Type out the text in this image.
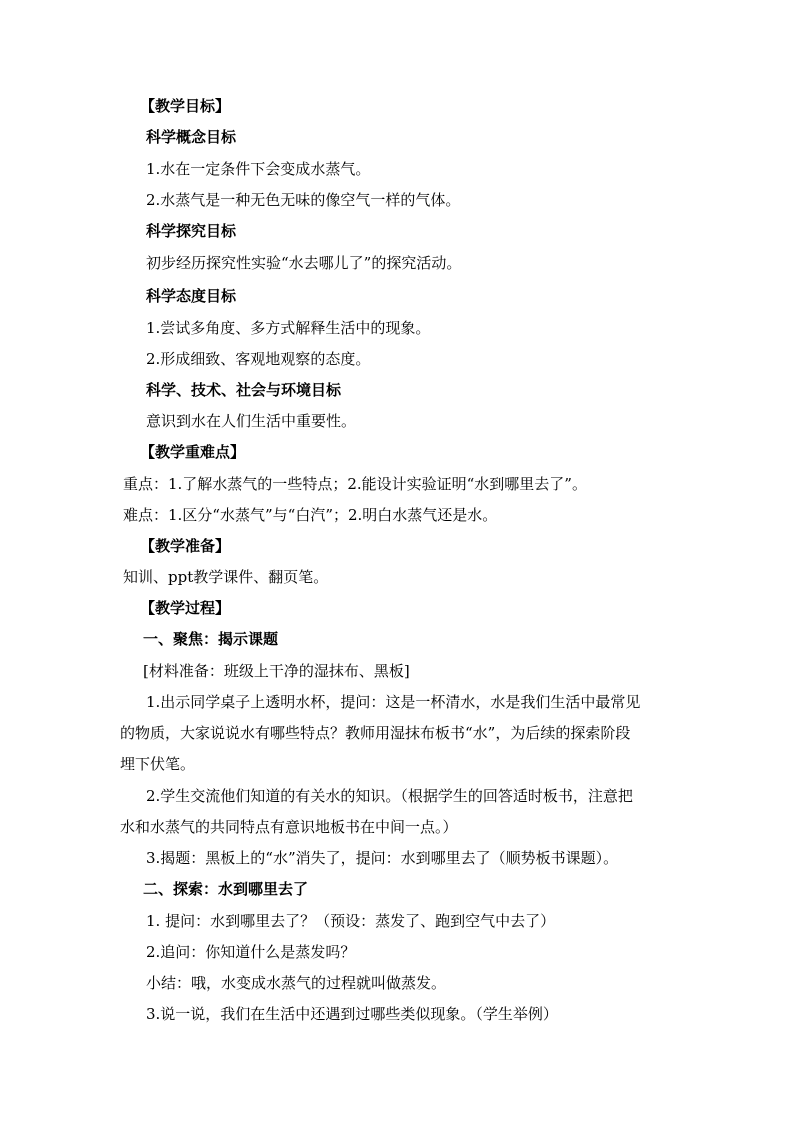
【教学目标】
科学概念目标
1.水在一定条件下会变成水蒸气。
2.水蒸气是一种无色无味的像空气一样的气体。
科学探究目标
初步经历探究性实验“水去哪儿了”的探究活动。
科学态度目标
1.尝试多角度、多方式解释生活中的现象。
2.形成细致、客观地观察的态度。
科学、技术、社会与环境目标
意识到水在人们生活中重要性。
【教学重难点】
重点：1.了解水蒸气的一些特点；2.能设计实验证明“水到哪里去了”。
难点：1.区分“水蒸气”与“白汽”；2.明白水蒸气还是水。
【教学准备】
知训、ppt教学课件、翻页笔。
【教学过程】
一、聚焦：揭示课题
[材料准备：班级上干净的湿抹布、黑板]
1.出示同学桌子上透明水杯，提问：这是一杯清水，水是我们生活中最常见
的物质，大家说说水有哪些特点？教师用湿抹布板书“水”，为后续的探索阶段
埋下伏笔。
2.学生交流他们知道的有关水的知识。（根据学生的回答适时板书，注意把
水和水蒸气的共同特点有意识地板书在中间一点。）
3.揭题：黑板上的“水”消失了，提问：水到哪里去了（顺势板书课题）。
二、探索：水到哪里去了
1. 提问：水到哪里去了？（预设：蒸发了、跑到空气中去了）
2.追问：你知道什么是蒸发吗？
小结：哦，水变成水蒸气的过程就叫做蒸发。
3.说一说，我们在生活中还遇到过哪些类似现象。（学生举例）
